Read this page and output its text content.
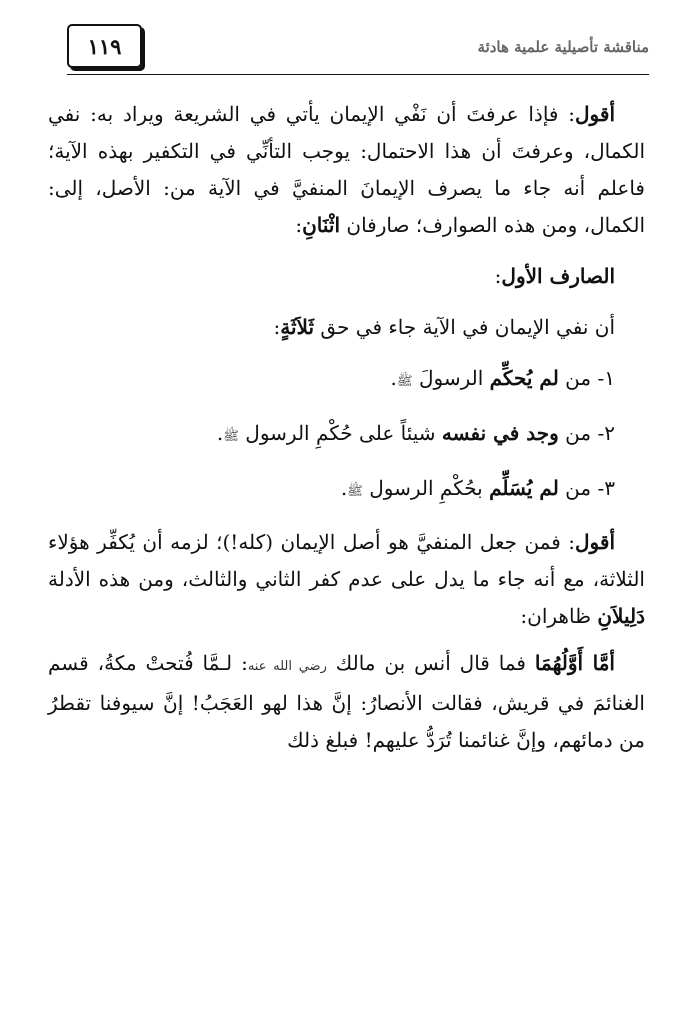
١١٩	مناقشة تأصيلية علمية هادئة

أقول: فإذا عرفتَ أن نَفْي الإيمان يأتي في الشريعة ويراد به: نفي الكمال، وعرفتَ أن هذا الاحتمال: يوجب التأنِّي في التكفير بهذه الآية؛ فاعلم أنه جاء ما يصرف الإيمانَ المنفيَّ في الآية من: الأصل، إلى: الكمال، ومن هذه الصوارف؛ صارفان اثْنَانِ:

الصارف الأول:

أن نفي الإيمان في الآية جاء في حق ثَلاَثَةٍ:

١- من لم يُحكِّم الرسولَ ﷺ.

٢- من وجد في نفسه شيئاً على حُكْمِ الرسول ﷺ.

٣- من لم يُسَلِّم بحُكْمِ الرسول ﷺ.

أقول: فمن جعل المنفيَّ هو أصل الإيمان (كله!)؛ لزمه أن يُكفِّر هؤلاء الثلاثة، مع أنه جاء ما يدل على عدم كفر الثاني والثالث، ومن هذه الأدلة دَلِيلاَنِ ظاهران:

أمَّا أَوَّلُهُمَا فما قال أنس بن مالك رضي الله عنه: لـمَّا فُتحتْ مكةُ، قسم الغنائمَ في قريش، فقالت الأنصارُ: إنَّ هذا لهو العَجَبُ! إنَّ سيوفنا تقطرُ من دمائهم، وإنَّ غنائمنا تُرَدُّ عليهم! فبلغ ذلك
